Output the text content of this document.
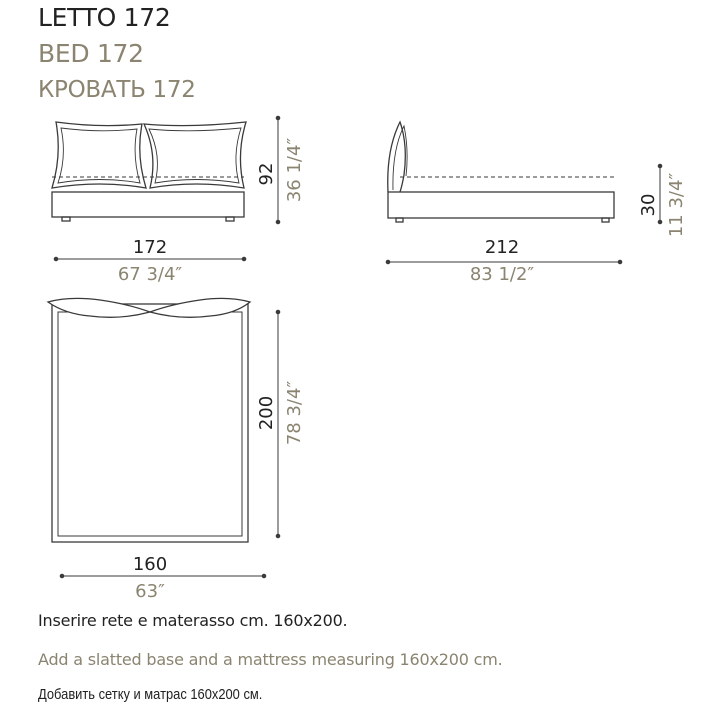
LETTO 172
BED 172
КРОВАТЬ 172
92 36 1/4″
172
67 3/4″
30 11 3/4″
212
83 1/2″
200 78 3/4″
160
63″
Inserire rete e materasso cm. 160x200.
Add a slatted base and a mattress measuring 160x200 cm.
Добавить сетку и матрас 160x200 см.
